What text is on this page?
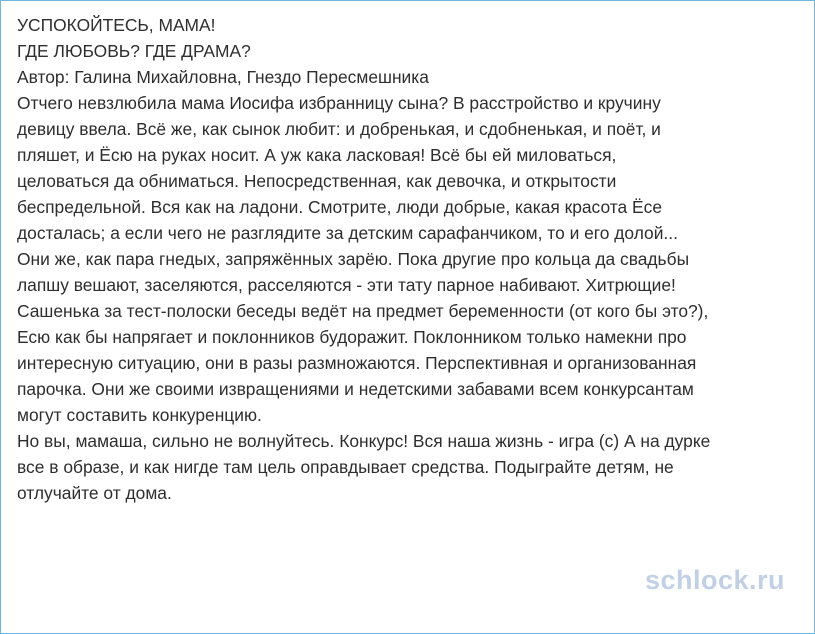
УСПОКОЙТЕСЬ, МАМА!
ГДЕ ЛЮБОВЬ? ГДЕ ДРАМА?
Автор: Галина Михайловна, Гнездо Пересмешника

Отчего невзлюбила мама Иосифа избранницу сына? В расстройство и кручину
девицу ввела. Всё же, как сынок любит: и добренькая, и сдобненькая, и поёт, и
пляшет, и Ёсю на руках носит. А уж кака ласковая! Всё бы ей миловаться,
целоваться да обниматься. Непосредственная, как девочка, и открытости
беспредельной. Вся как на ладони. Смотрите, люди добрые, какая красота Ёсе
досталась; а если чего не разглядите за детским сарафанчиком, то и его долой...

Они же, как пара гнедых, запряжённых зарёю. Пока другие про кольца да свадьбы
лапшу вешают, заселяются, расселяются - эти тату парное набивают. Хитрющие!
Сашенька за тест-полоски беседы ведёт на предмет беременности (от кого бы это?),
Есю как бы напрягает и поклонников будоражит. Поклонником только намекни про
интересную ситуацию, они в разы размножаются. Перспективная и организованная
парочка. Они же своими извращениями и недетскими забавами всем конкурсантам
могут составить конкуренцию.

Но вы, мамаша, сильно не волнуйтесь. Конкурс! Вся наша жизнь - игра (с) А на дурке
все в образе, и как нигде там цель оправдывает средства. Подыграйте детям, не
отлучайте от дома.

schlock.ru
